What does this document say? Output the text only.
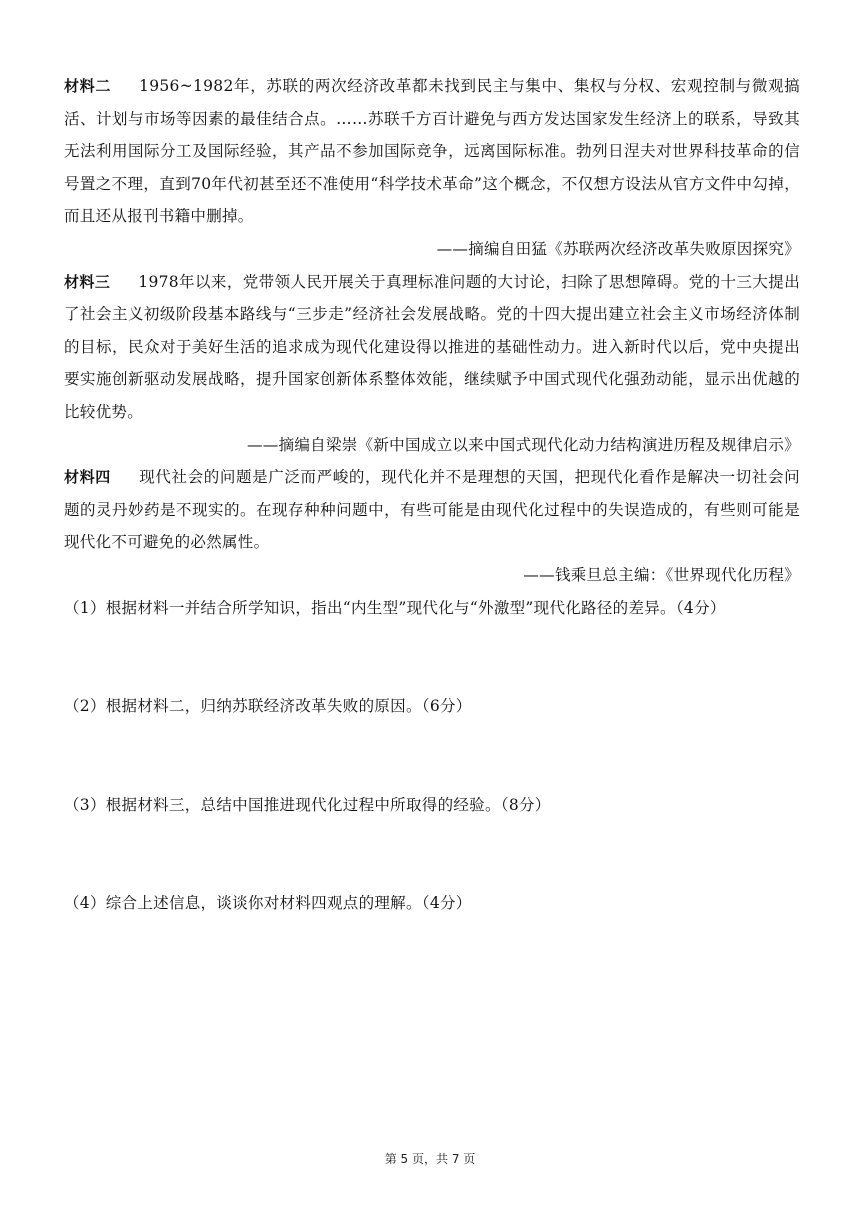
材料二 1956~1982年，苏联的两次经济改革都未找到民主与集中、集权与分权、宏观控制与微观搞活、计划与市场等因素的最佳结合点。……苏联千方百计避免与西方发达国家发生经济上的联系，导致其无法利用国际分工及国际经验，其产品不参加国际竞争，远离国际标准。勃列日涅夫对世界科技革命的信号置之不理，直到70年代初甚至还不准使用“科学技术革命”这个概念，不仅想方设法从官方文件中勾掉，而且还从报刊书籍中删掉。

——摘编自田猛《苏联两次经济改革失败原因探究》

材料三 1978年以来，党带领人民开展关于真理标准问题的大讨论，扫除了思想障碍。党的十三大提出了社会主义初级阶段基本路线与“三步走”经济社会发展战略。党的十四大提出建立社会主义市场经济体制的目标，民众对于美好生活的追求成为现代化建设得以推进的基础性动力。进入新时代以后，党中央提出要实施创新驱动发展战略，提升国家创新体系整体效能，继续赋予中国式现代化强劲动能，显示出优越的比较优势。

——摘编自梁崇《新中国成立以来中国式现代化动力结构演进历程及规律启示》

材料四 现代社会的问题是广泛而严峻的，现代化并不是理想的天国，把现代化看作是解决一切社会问题的灵丹妙药是不现实的。在现存种种问题中，有些可能是由现代化过程中的失误造成的，有些则可能是现代化不可避免的必然属性。

——钱乘旦总主编：《世界现代化历程》

（1）根据材料一并结合所学知识，指出“内生型”现代化与“外激型”现代化路径的差异。（4分）

（2）根据材料二，归纳苏联经济改革失败的原因。（6分）

（3）根据材料三，总结中国推进现代化过程中所取得的经验。（8分）

（4）综合上述信息，谈谈你对材料四观点的理解。（4分）

第 5 页，共 7 页
